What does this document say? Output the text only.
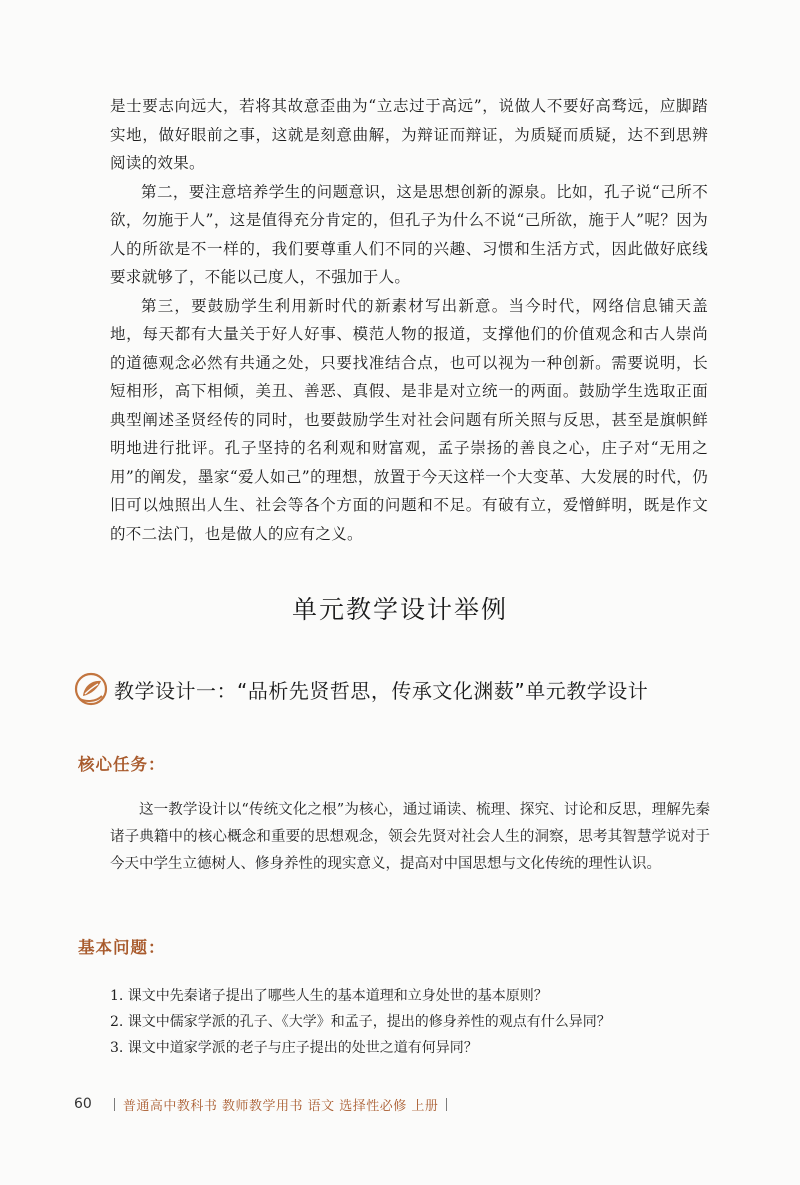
是士要志向远大，若将其故意歪曲为“立志过于高远”，说做人不要好高骛远，应脚踏实地，做好眼前之事，这就是刻意曲解，为辩证而辩证，为质疑而质疑，达不到思辨阅读的效果。

第二，要注意培养学生的问题意识，这是思想创新的源泉。比如，孔子说“己所不欲，勿施于人”，这是值得充分肯定的，但孔子为什么不说“己所欲，施于人”呢？因为人的所欲是不一样的，我们要尊重人们不同的兴趣、习惯和生活方式，因此做好底线要求就够了，不能以己度人，不强加于人。

第三，要鼓励学生利用新时代的新素材写出新意。当今时代，网络信息铺天盖地，每天都有大量关于好人好事、模范人物的报道，支撑他们的价值观念和古人崇尚的道德观念必然有共通之处，只要找准结合点，也可以视为一种创新。需要说明，长短相形，高下相倾，美丑、善恶、真假、是非是对立统一的两面。鼓励学生选取正面典型阐述圣贤经传的同时，也要鼓励学生对社会问题有所关照与反思，甚至是旗帜鲜明地进行批评。孔子坚持的名利观和财富观，孟子崇扬的善良之心，庄子对“无用之用”的阐发，墨家“爱人如己”的理想，放置于今天这样一个大变革、大发展的时代，仍旧可以烛照出人生、社会等各个方面的问题和不足。有破有立，爱憎鲜明，既是作文的不二法门，也是做人的应有之义。

单元教学设计举例
教学设计一：“品析先贤哲思，传承文化渊薮”单元教学设计
核心任务：

这一教学设计以“传统文化之根”为核心，通过诵读、梳理、探究、讨论和反思，理解先秦诸子典籍中的核心概念和重要的思想观念，领会先贤对社会人生的洞察，思考其智慧学说对于今天中学生立德树人、修身养性的现实意义，提高对中国思想与文化传统的理性认识。

基本问题：
1. 课文中先秦诸子提出了哪些人生的基本道理和立身处世的基本原则？
2. 课文中儒家学派的孔子、《大学》和孟子，提出的修身养性的观点有什么异同？
3. 课文中道家学派的老子与庄子提出的处世之道有何异同？
60 普通高中教科书 教师教学用书 语文 选择性必修 上册
